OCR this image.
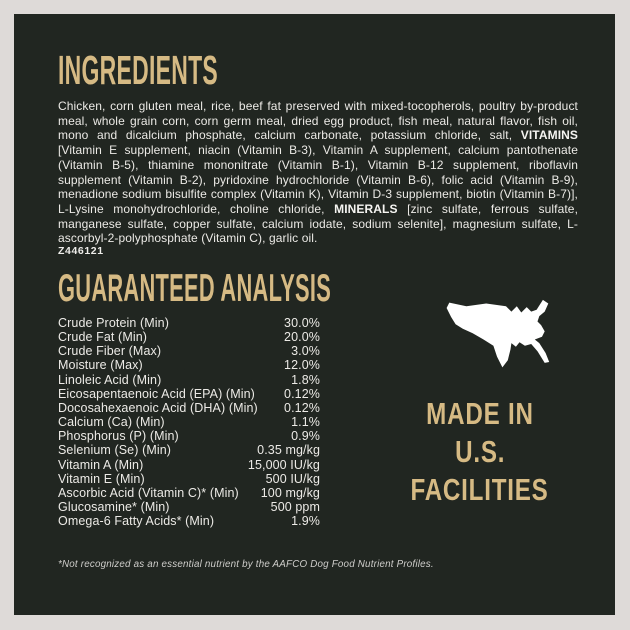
INGREDIENTS

Chicken, corn gluten meal, rice, beef fat preserved with mixed-tocopherols, poultry by-product meal, whole grain corn, corn germ meal, dried egg product, fish meal, natural flavor, fish oil, mono and dicalcium phosphate, calcium carbonate, potassium chloride, salt, VITAMINS [Vitamin E supplement, niacin (Vitamin B-3), Vitamin A supplement, calcium pantothenate (Vitamin B-5), thiamine mononitrate (Vitamin B-1), Vitamin B-12 supplement, riboflavin supplement (Vitamin B-2), pyridoxine hydrochloride (Vitamin B-6), folic acid (Vitamin B-9), menadione sodium bisulfite complex (Vitamin K), Vitamin D-3 supplement, biotin (Vitamin B-7)], L-Lysine monohydrochloride, choline chloride, MINERALS [zinc sulfate, ferrous sulfate, manganese sulfate, copper sulfate, calcium iodate, sodium selenite], magnesium sulfate, L-ascorbyl-2-polyphosphate (Vitamin C), garlic oil.

Z446121

GUARANTEED ANALYSIS
Crude Protein (Min)	30.0%
Crude Fat (Min)	20.0%
Crude Fiber (Max)	3.0%
Moisture (Max)	12.0%
Linoleic Acid (Min)	1.8%
Eicosapentaenoic Acid (EPA) (Min) 0.12%
Docosahexaenoic Acid (DHA) (Min) 0.12%
Calcium (Ca) (Min)	1.1%
Phosphorus (P) (Min)	0.9%
Selenium (Se) (Min)	0.35 mg/kg
Vitamin A (Min)	15,000 IU/kg
Vitamin E (Min)	500 IU/kg
Ascorbic Acid (Vitamin C)* (Min) 100 mg/kg
Glucosamine* (Min)	500 ppm
Omega-6 Fatty Acids* (Min)	1.9%
MADE IN
U.S.
FACILITIES

*Not recognized as an essential nutrient by the AAFCO Dog Food Nutrient Profiles.
